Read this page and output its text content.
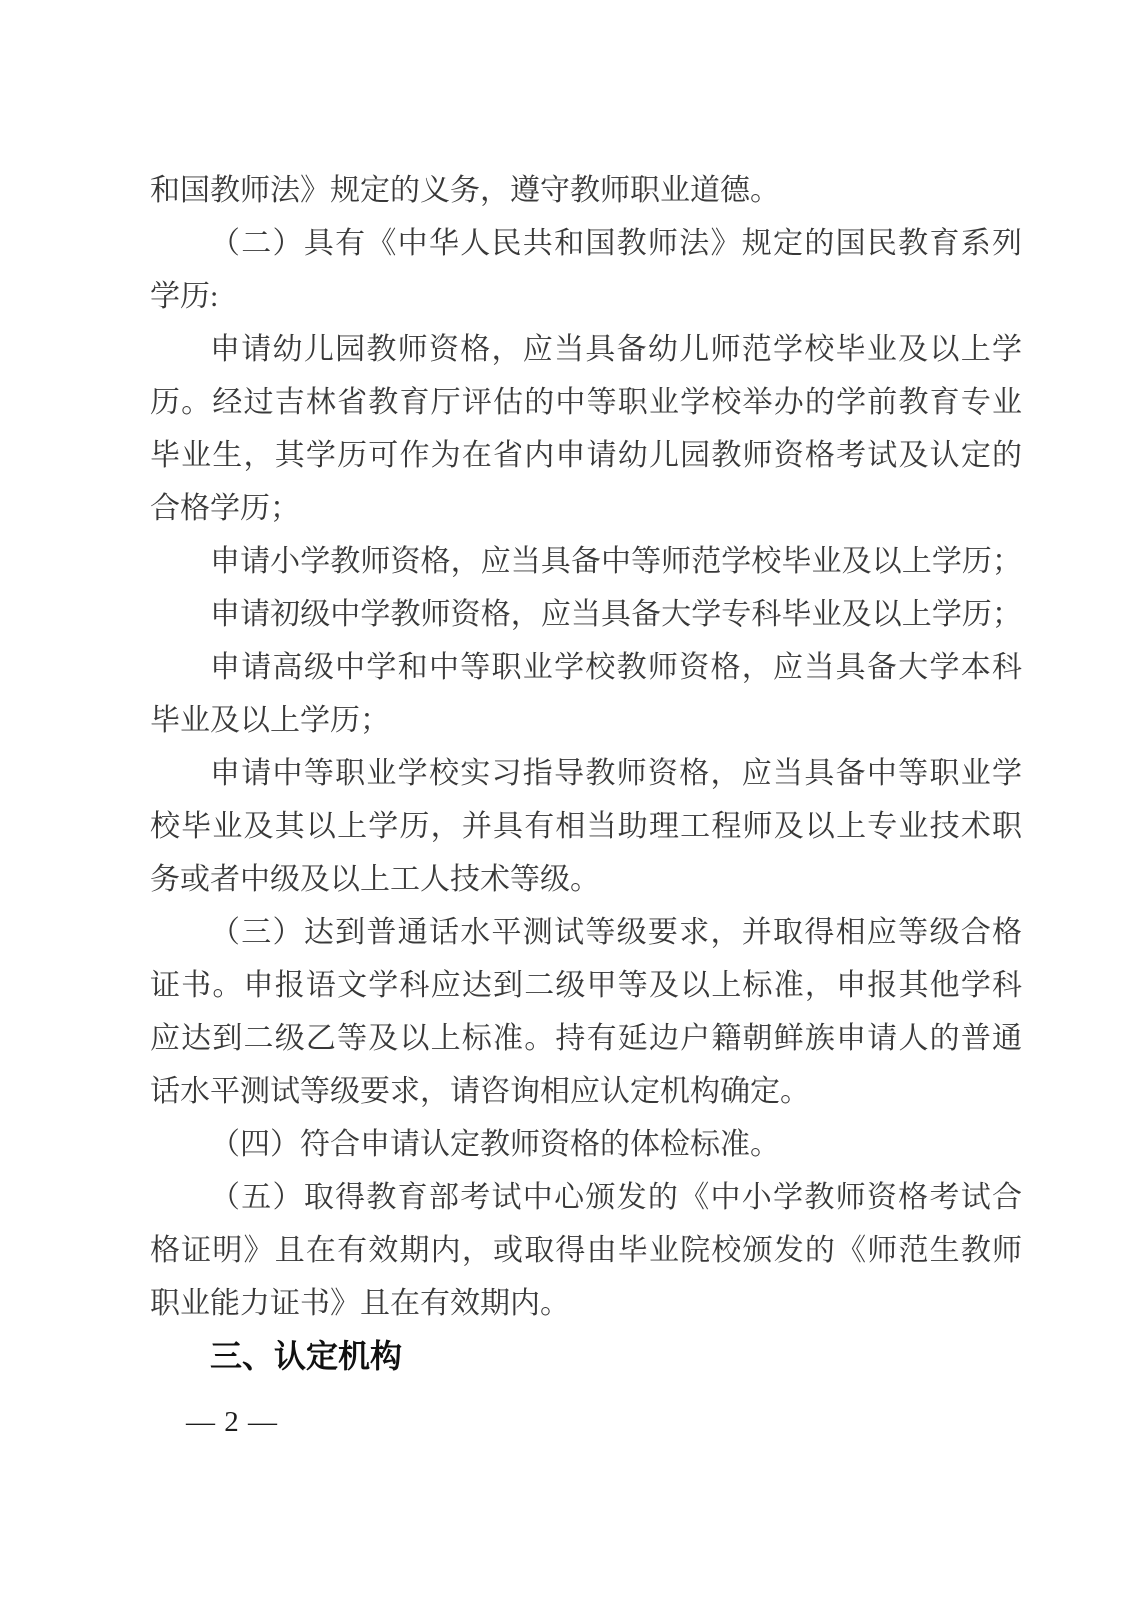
和国教师法》规定的义务，遵守教师职业道德。
（二）具有《中华人民共和国教师法》规定的国民教育系列
学历:
申请幼儿园教师资格，应当具备幼儿师范学校毕业及以上学
历。经过吉林省教育厅评估的中等职业学校举办的学前教育专业
毕业生，其学历可作为在省内申请幼儿园教师资格考试及认定的
合格学历；
申请小学教师资格，应当具备中等师范学校毕业及以上学历；
申请初级中学教师资格，应当具备大学专科毕业及以上学历；
申请高级中学和中等职业学校教师资格，应当具备大学本科
毕业及以上学历；
申请中等职业学校实习指导教师资格，应当具备中等职业学
校毕业及其以上学历，并具有相当助理工程师及以上专业技术职
务或者中级及以上工人技术等级。
（三）达到普通话水平测试等级要求，并取得相应等级合格
证书。申报语文学科应达到二级甲等及以上标准，申报其他学科
应达到二级乙等及以上标准。持有延边户籍朝鲜族申请人的普通
话水平测试等级要求，请咨询相应认定机构确定。
（四）符合申请认定教师资格的体检标准。
（五）取得教育部考试中心颁发的《中小学教师资格考试合
格证明》且在有效期内，或取得由毕业院校颁发的《师范生教师
职业能力证书》且在有效期内。
三、认定机构
— 2 —
